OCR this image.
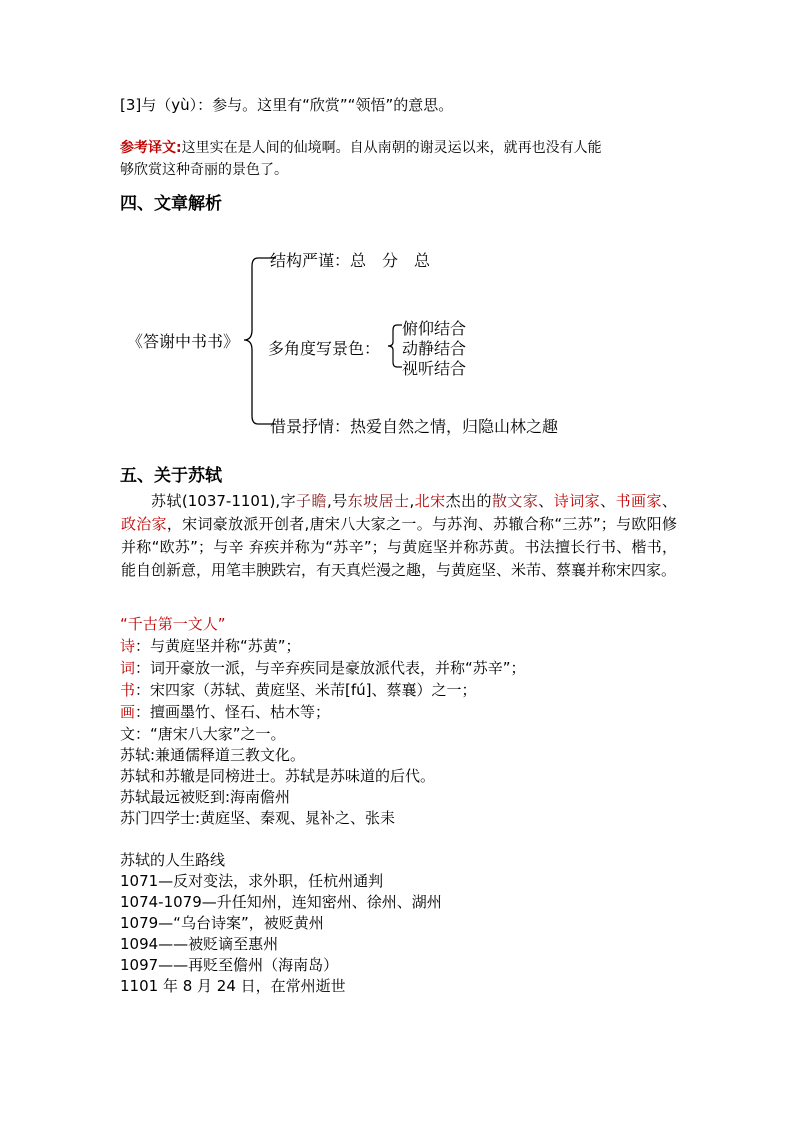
[3]与（yù）：参与。这里有“欣赏”“领悟”的意思。
参考译文:这里实在是人间的仙境啊。自从南朝的谢灵运以来，就再也没有人能
够欣赏这种奇丽的景色了。
四、文章解析
《答谢中书书》
结构严谨：总　分　总
多角度写景色：
俯仰结合
动静结合
视听结合
借景抒情：热爱自然之情，归隐山林之趣
五、关于苏轼
苏轼(1037-1101),字子瞻,号东坡居士,北宋杰出的散文家、诗词家、书画家、政治家，宋词豪放派开创者,唐宋八大家之一。与苏洵、苏辙合称“三苏”；与欧阳修并称“欧苏”；与辛 弃疾并称为“苏辛”；与黄庭坚并称苏黄。书法擅长行书、楷书，能自创新意，用笔丰腴跌宕，有天真烂漫之趣，与黄庭坚、米芾、蔡襄并称宋四家。
“千古第一文人”
诗：与黄庭坚并称“苏黄”；
词：词开豪放一派，与辛弃疾同是豪放派代表，并称“苏辛”；
书：宋四家（苏轼、黄庭坚、米芾[fú]、蔡襄）之一；
画：擅画墨竹、怪石、枯木等；
文：“唐宋八大家”之一。
苏轼:兼通儒释道三教文化。
苏轼和苏辙是同榜进士。苏轼是苏味道的后代。
苏轼最远被贬到:海南儋州
苏门四学士:黄庭坚、秦观、晁补之、张耒
苏轼的人生路线
1071—反对变法，求外职，任杭州通判
1074-1079—升任知州，连知密州、徐州、湖州
1079—“乌台诗案”，被贬黄州
1094——被贬谪至惠州
1097——再贬至儋州（海南岛）
1101 年 8 月 24 日，在常州逝世
